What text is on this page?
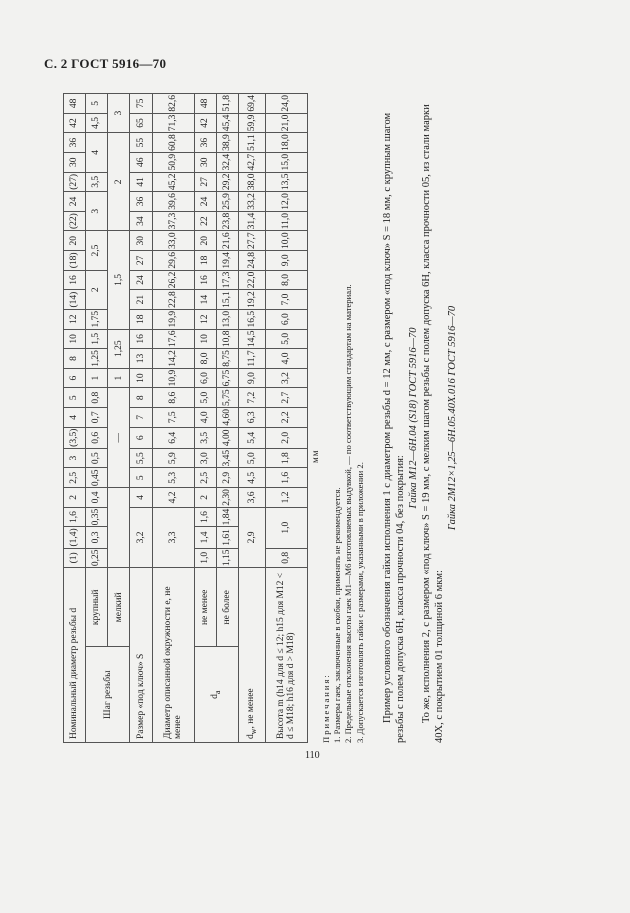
С. 2 ГОСТ 5916—70
Номинальный диаметр резьбы d		(1)	(1,4)	1,6	2	2,5	3	(3,5)	4	5	6	8	10	12	(14)	16	(18)	20	(22)	24	(27)	30	36	42	48
Шаг резьбы	крупный	0,25	0,3	0,35	0,4	0,45	0,5	0,6	0,7	0,8	1	1,25	1,5	1,75	2		2,5		3		3,5	4		4,5	5
	мелкий					—					1	1,25		1,5					2					3	
Размер «под ключ» S		3,2			4	5	5,5	6	7	8	10	13	16	18	21	24	27	30	34	36	41	46	55	65	75
Диаметр описанной окружности е, не менее		3,3			4,2	5,3	5,9	6,4	7,5	8,6	10,9	14,2	17,6	19,9	22,8	26,2	29,6	33,0	37,3	39,6	45,2	50,9	60,8	71,3	82,6
$d_a$	не менее	1,0	1,4	1,6	2	2,5	3,0	3,5	4,0	5,0	6,0	8,0	10	12	14	16	18	20	22	24	27	30	36	42	48
	не более	1,15	1,61	1,84	2,30	2,9	3,45	4,00	4,60	5,75	6,75	8,75	10,8	13,0	15,1	17,3	19,4	21,6	23,8	25,9	29,2	32,4	38,9	45,4	51,8
$d_w$, не менее		2,9			3,6	4,5	5,0	5,4	6,3	7,2	9,0	11,7	14,5	16,5	19,2	22,0	24,8	27,7	31,4	33,2	38,0	42,7	51,1	59,9	69,4
Высота m (h14 для d ≤ 12; h15 для M12 < d ≤ M18; h16 для d > M18)		0,8	1,0		1,2	1,6	1,8	2,0	2,2	2,7	3,2	4,0	5,0	6,0	7,0	8,0	9,0	10,0	11,0	12,0	13,5	15,0	18,0	21,0	24,0
мм
Примечания: 1. Размеры гаек, заключенные в скобки, применять не рекомендуется. 2. Предельные отклонения высоты гаек M1—M6 изготовляемых выдувкой, — по соответствующим стандартам на материал. 3. Допускается изготовлять гайки с размерами, указанными в приложении 2. Пример условного обозначения гайки исполнения 1 с диаметром резьбы d = 12 мм, с размером «под ключ» S = 18 мм, с крупным шагом резьбы с полем допуска 6Н, класса прочности 04, без покрытия:
Гайка М12—6Н.04 (S18) ГОСТ 5916—70 То же, исполнения 2, с размером «под ключ» S = 19 мм, с мелким шагом резьбы с полем допуска 6Н, класса прочности 05, из стали марки 40Х, с покрытием 01 толщиной 6 мкм:
Гайка 2М12×1,25—6Н.05.40Х.016 ГОСТ 5916—70
110
